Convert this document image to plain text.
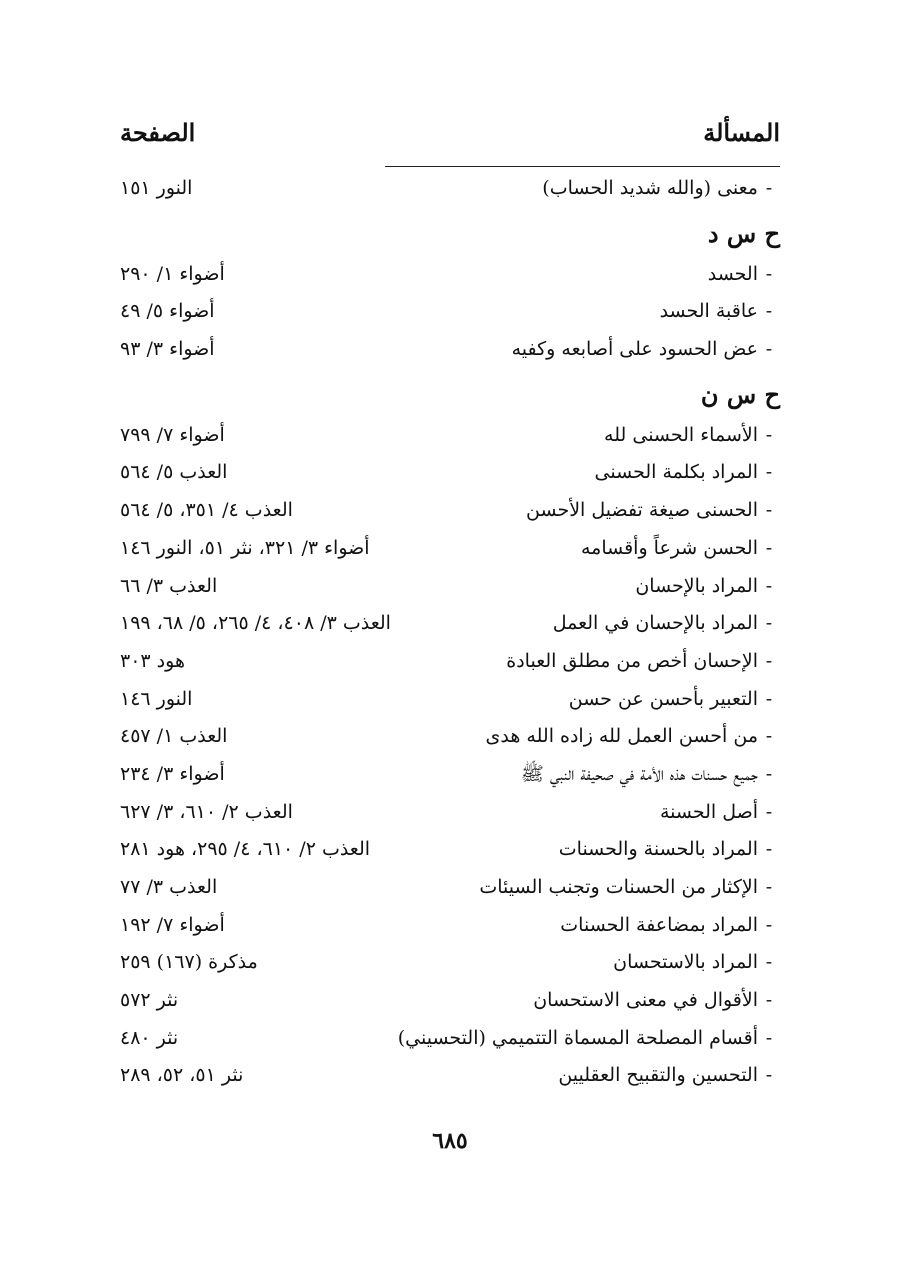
المسألة
الصفحة
-معنى (والله شديد الحساب)
النور ١٥١
ح س د
-الحسد
أضواء ١/ ٢٩٠
-عاقبة الحسد
أضواء ٥/ ٤٩
-عض الحسود على أصابعه وكفيه
أضواء ٣/ ٩٣
ح س ن
-الأسماء الحسنى لله
أضواء ٧/ ٧٩٩
-المراد بكلمة الحسنى
العذب ٥/ ٥٦٤
-الحسنى صيغة تفضيل الأحسن
العذب ٤/ ٣٥١، ٥/ ٥٦٤
-الحسن شرعاً وأقسامه
أضواء ٣/ ٣٢١، نثر ٥١، النور ١٤٦
-المراد بالإحسان
العذب ٣/ ٦٦
-المراد بالإحسان في العمل
العذب ٣/ ٤٠٨، ٤/ ٢٦٥، ٥/ ٦٨، ١٩٩
-الإحسان أخص من مطلق العبادة
هود ٣٠٣
-التعبير بأحسن عن حسن
النور ١٤٦
-من أحسن العمل لله زاده الله هدى
العذب ١/ ٤٥٧
-جميع حسنات هذه الأمة في صحيفة النبي ﷺ
أضواء ٣/ ٢٣٤
-أصل الحسنة
العذب ٢/ ٦١٠، ٣/ ٦٢٧
-المراد بالحسنة والحسنات
العذب ٢/ ٦١٠، ٤/ ٢٩٥، هود ٢٨١
-الإكثار من الحسنات وتجنب السيئات
العذب ٣/ ٧٧
-المراد بمضاعفة الحسنات
أضواء ٧/ ١٩٢
-المراد بالاستحسان
مذكرة (١٦٧) ٢٥٩
-الأقوال في معنى الاستحسان
نثر ٥٧٢
-أقسام المصلحة المسماة التتميمي (التحسيني)
نثر ٤٨٠
-التحسين والتقبيح العقليين
نثر ٥١، ٥٢، ٢٨٩
٦٨٥
